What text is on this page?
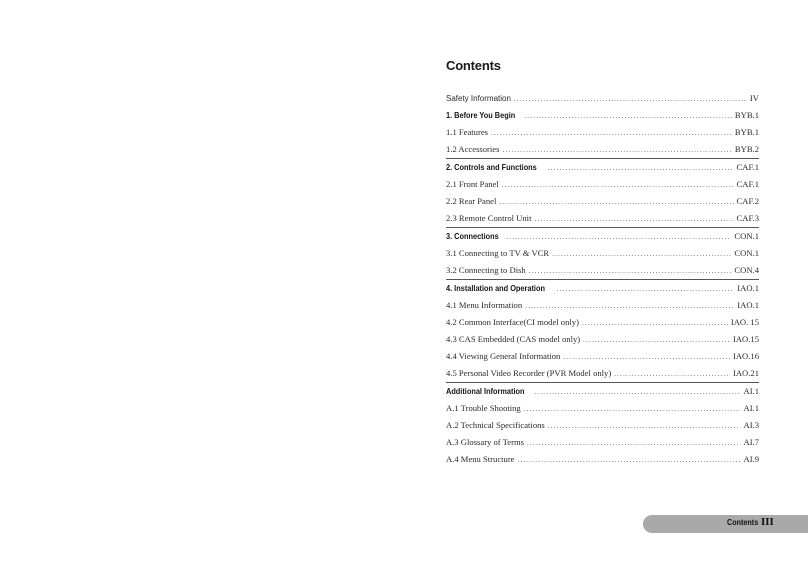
Contents
Safety Information .....	IV
1. Before You Begin .....	BYB.1
1.1 Features .....	BYB.1
1.2 Accessories .....	BYB.2
2. Controls and Functions .....	CAF.1
2.1 Front Panel .....	CAF.1
2.2 Rear Panel .....	CAF.2
2.3 Remote Control Unit .....	CAF.3
3. Connections .....	CON.1
3.1 Connecting to TV & VCR .....	CON.1
3.2 Connecting to Dish .....	CON.4
4. Installation and Operation .....	IAO.1
4.1 Menu Information .....	IAO.1
4.2 Common Interface(CI model only) .....	IAO. 15
4.3 CAS Embedded (CAS model only) .....	IAO.15
4.4 Viewing General Information .....	IAO.16
4.5 Personal Video Recorder (PVR Model only) .....	IAO.21
Additional Information .....	AI.1
A.1 Trouble Shooting .....	AI.1
A.2 Technical Specifications .....	AI.3
A.3 Glossary of Terms .....	AI.7
A.4 Menu Structure .....	AI.9
Contents III
